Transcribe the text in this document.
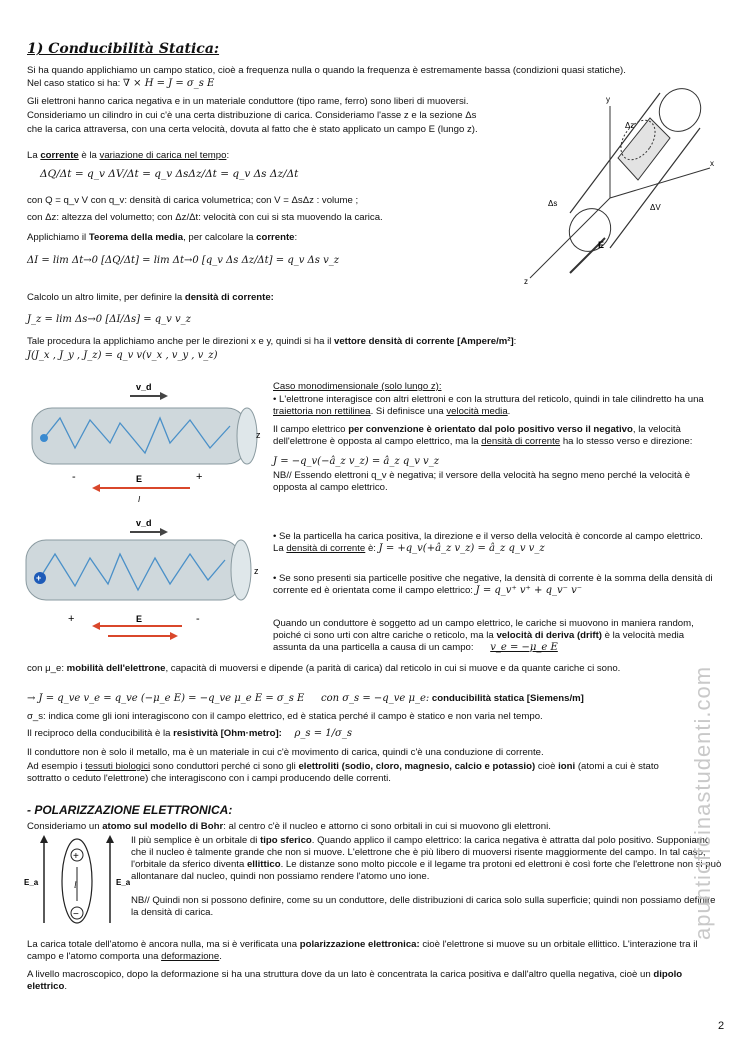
1) Conducibilità Statica:
Si ha quando applichiamo un campo statico, cioè a frequenza nulla o quando la frequenza è estremamente bassa (condizioni quasi statiche).
Nel caso statico si ha: ∇ × H = J = σ_s E
Gli elettroni hanno carica negativa e in un materiale conduttore (tipo rame, ferro) sono liberi di muoversi.
Consideriamo un cilindro in cui c'è una certa distribuzione di carica. Consideriamo l'asse z e la sezione Δs
che la carica attraversa, con una certa velocità, dovuta al fatto che è stato applicato un campo E (lungo z).
y
x
z
Δs	ΔV
Δz
E
La corrente è la variazione di carica nel tempo:
ΔQ/Δt = q_v ΔV/Δt = q_v ΔsΔz/Δt = q_v Δs Δz/Δt
con Q = q_v V con q_v: densità di carica volumetrica; con V = ΔsΔz : volume ;
con Δz: altezza del volumetto; con Δz/Δt: velocità con cui si sta muovendo la carica.
Applichiamo il Teorema della media, per calcolare la corrente:
ΔI = lim Δt→0 [ΔQ/Δt] = lim Δt→0 [q_v Δs Δz/Δt] = q_v Δs v_z
Calcolo un altro limite, per definire la densità di corrente:
J_z = lim Δs→0 [ΔI/Δs] = q_v v_z
Tale procedura la applichiamo anche per le direzioni x e y, quindi si ha il vettore densità di corrente [Ampere/m²]:
J(J_x , J_y , J_z) = q_v v(v_x , v_y , v_z)
v_d
z
-	+
E
I
Caso monodimensionale (solo lungo z):
• L'elettrone interagisce con altri elettroni e con la struttura del reticolo, quindi in tale cilindretto ha una traiettoria non rettilinea. Si definisce una velocità media.
Il campo elettrico per convenzione è orientato dal polo positivo verso il negativo, la velocità dell'elettrone è opposta al campo elettrico, ma la densità di corrente ha lo stesso verso e direzione:
J = −q_v(−â_z v_z) = â_z q_v v_z
NB// Essendo elettroni q_v è negativa; il versore della velocità ha segno meno perché la velocità è opposta al campo elettrico.
v_d
+
z
+	-
E
• Se la particella ha carica positiva, la direzione e il verso della velocità è concorde al campo elettrico. La densità di corrente è: J = +q_v(+â_z v_z) = â_z q_v v_z
• Se sono presenti sia particelle positive che negative, la densità di corrente è la somma della densità di corrente ed è orientata come il campo elettrico: J = q_v⁺ v⁺ + q_v⁻ v⁻
Quando un conduttore è soggetto ad un campo elettrico, le cariche si muovono in maniera random, poiché ci sono urti con altre cariche o reticolo, ma la velocità di deriva (drift) è la velocità media assunta da una particella a causa di un campo: v_e = −μ_e E
con μ_e: mobilità dell'elettrone, capacità di muoversi e dipende (a parità di carica) dal reticolo in cui si muove e da quante cariche ci sono.
→ J = q_ve v_e = q_ve (−μ_e E) = −q_ve μ_e E = σ_s E con σ_s = −q_ve μ_e: conducibilità statica [Siemens/m]
σ_s: indica come gli ioni interagiscono con il campo elettrico, ed è statica perché il campo è statico e non varia nel tempo.
Il reciproco della conducibilità è la resistività [Ohm·metro]: ρ_s = 1/σ_s
Il conduttore non è solo il metallo, ma è un materiale in cui c'è movimento di carica, quindi c'è una conduzione di corrente.
Ad esempio i tessuti biologici sono conduttori perché ci sono gli elettroliti (sodio, cloro, magnesio, calcio e potassio) cioè ioni (atomi a cui è stato sottratto o ceduto l'elettrone) che interagiscono con i campi producendo delle correnti.
- POLARIZZAZIONE ELETTRONICA:
Consideriamo un atomo sul modello di Bohr: al centro c'è il nucleo e attorno ci sono orbitali in cui si muovono gli elettroni.
+
−
l
E_a	E_a
Il più semplice è un orbitale di tipo sferico. Quando applico il campo elettrico: la carica negativa è attratta dal polo positivo. Supponiamo che il nucleo è talmente grande che non si muove. L'elettrone che è più libero di muoversi risente maggiormente del campo. In tal caso, l'orbitale da sferico diventa ellittico. Le distanze sono molto piccole e il legame tra protoni ed elettroni è così forte che l'elettrone non si può allontanare dal nucleo, quindi non possiamo rendere l'atomo uno ione.
NB// Quindi non si possono definire, come su un conduttore, delle distribuzioni di carica solo sulla superficie; quindi non possiamo definire la densità di carica.
La carica totale dell'atomo è ancora nulla, ma si è verificata una polarizzazione elettronica: cioè l'elettrone si muove su un orbitale ellittico. L'interazione tra il campo e l'atomo comporta una deformazione.
A livello macroscopico, dopo la deformazione si ha una struttura dove da un lato è concentrata la carica positiva e dall'altro quella negativa, cioè un dipolo elettrico.
apuntioffcinastudenti.com
2
